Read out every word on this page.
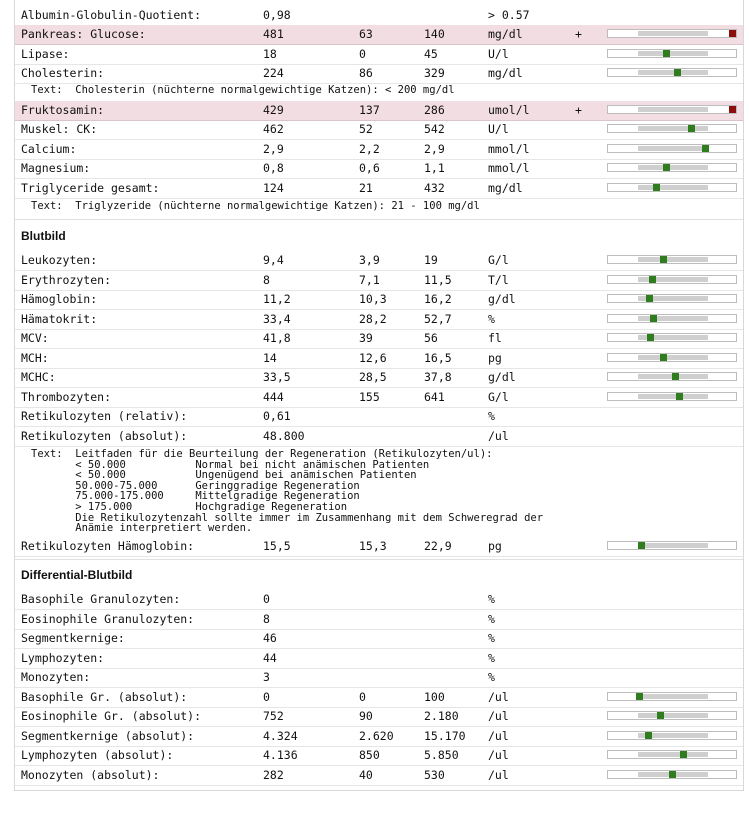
Albumin-Globulin-Quotient:	0,98	> 0.57
Pankreas: Glucose:	481	63	140	mg/dl	+
Lipase:	18	0	45	U/l
Cholesterin:	224	86	329	mg/dl
Text:  Cholesterin (nüchterne normalgewichtige Katzen): < 200 mg/dl
Fruktosamin:	429	137	286	umol/l	+
Muskel: CK:	462	52	542	U/l
Calcium:	2,9	2,2	2,9	mmol/l
Magnesium:	0,8	0,6	1,1	mmol/l
Triglyceride gesamt:	124	21	432	mg/dl
Text:  Triglyzeride (nüchterne normalgewichtige Katzen): 21 - 100 mg/dl
Blutbild
Leukozyten:	9,4	3,9	19	G/l
Erythrozyten:	8	7,1	11,5	T/l
Hämoglobin:	11,2	10,3	16,2	g/dl
Hämatokrit:	33,4	28,2	52,7	%
MCV:	41,8	39	56	fl
MCH:	14	12,6	16,5	pg
MCHC:	33,5	28,5	37,8	g/dl
Thrombozyten:	444	155	641	G/l
Retikulozyten (relativ):	0,61	%
Retikulozyten (absolut):	48.800	/ul
Text:  Leitfaden für die Beurteilung der Regeneration (Retikulozyten/ul):
< 50.000           Normal bei nicht anämischen Patienten
< 50.000           Ungenügend bei anämischen Patienten
50.000-75.000      Geringgradige Regeneration
75.000-175.000     Mittelgradige Regeneration
> 175.000          Hochgradige Regeneration
Die Retikulozytenzahl sollte immer im Zusammenhang mit dem Schweregrad der
Anämie interpretiert werden.
Retikulozyten Hämoglobin:	15,5	15,3	22,9	pg
Differential-Blutbild
Basophile Granulozyten:	0	%
Eosinophile Granulozyten:	8	%
Segmentkernige:	46	%
Lymphozyten:	44	%
Monozyten:	3	%
Basophile Gr. (absolut):	0	0	100	/ul
Eosinophile Gr. (absolut):	752	90	2.180	/ul
Segmentkernige (absolut):	4.324	2.620	15.170 /ul
Lymphozyten (absolut):	4.136	850	5.850	/ul
Monozyten (absolut):	282	40	530	/ul
